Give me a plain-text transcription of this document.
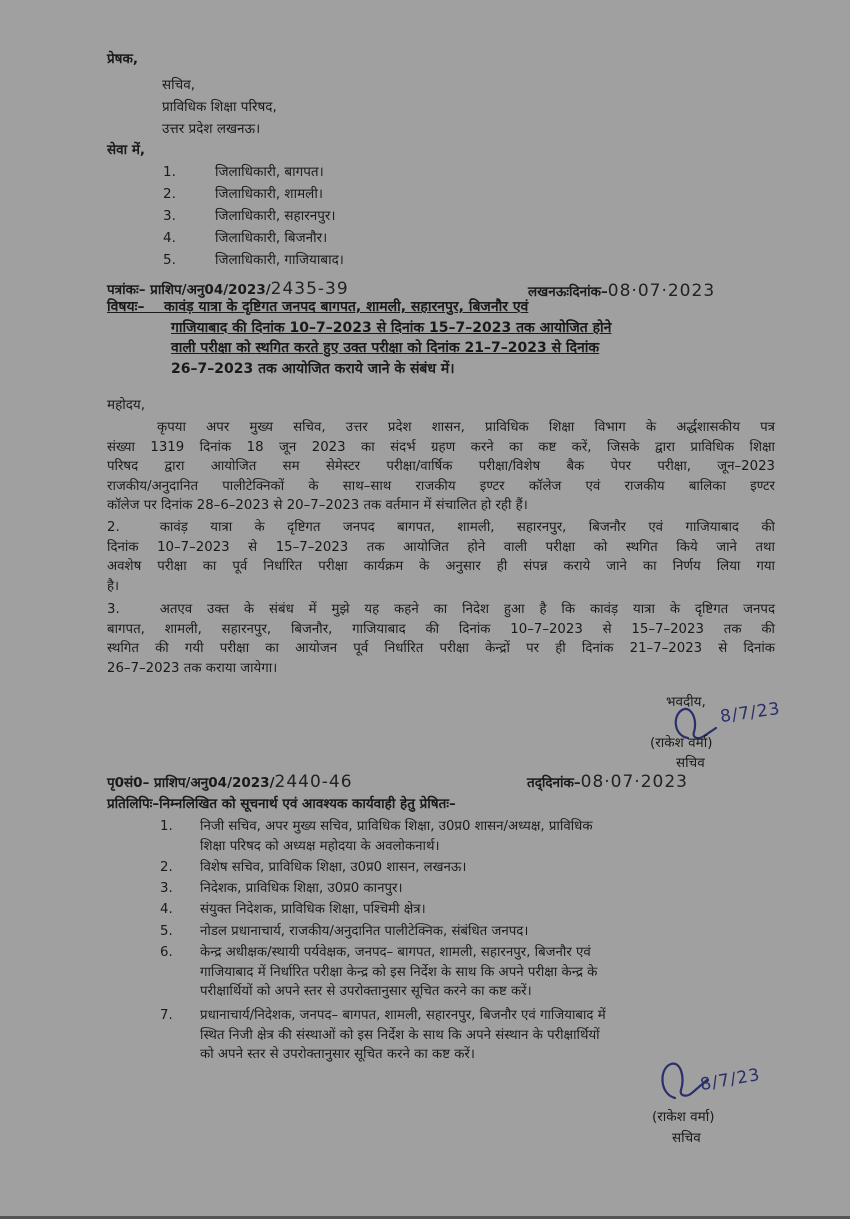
प्रेषक,
सचिव,
प्राविधिक शिक्षा परिषद,
उत्तर प्रदेश लखनऊ।
सेवा में,
1.	जिलाधिकारी, बागपत।
2.	जिलाधिकारी, शामली।
3.	जिलाधिकारी, सहारनपुर।
4.	जिलाधिकारी, बिजनौर।
5.	जिलाधिकारी, गाजियाबाद।
पत्रांकः– प्राशिप/अनु04/2023/2435-39	लखनऊःदिनांक–08·07·2023
विषयः– कावंड़ यात्रा के दृष्टिगत जनपद बागपत, शामली, सहारनपुर, बिजनौर एवं
गाजियाबाद की दिनांक 10–7–2023 से दिनांक 15–7–2023 तक आयोजित होने
वाली परीक्षा को स्थगित करते हुए उक्त परीक्षा को दिनांक 21–7–2023 से दिनांक
26–7–2023 तक आयोजित कराये जाने के संबंध में।
महोदय,
कृपया अपर मुख्य सचिव, उत्तर प्रदेश शासन, प्राविधिक शिक्षा विभाग के अर्द्धशासकीय पत्र
संख्या 1319 दिनांक 18 जून 2023 का संदर्भ ग्रहण करने का कष्ट करें, जिसके द्वारा प्राविधिक शिक्षा
परिषद द्वारा आयोजित सम सेमेस्टर परीक्षा/वार्षिक परीक्षा/विशेष बैक पेपर परीक्षा, जून–2023
राजकीय/अनुदानित पालीटेक्निकों के साथ–साथ राजकीय इण्टर कॉलेज एवं राजकीय बालिका इण्टर
कॉलेज पर दिनांक 28–6–2023 से 20–7–2023 तक वर्तमान में संचालित हो रही हैं।
2.	कावंड़ यात्रा के दृष्टिगत जनपद बागपत, शामली, सहारनपुर, बिजनौर एवं गाजियाबाद की
दिनांक 10–7–2023 से 15–7–2023 तक आयोजित होने वाली परीक्षा को स्थगित किये जाने तथा
अवशेष परीक्षा का पूर्व निर्धारित परीक्षा कार्यक्रम के अनुसार ही संपन्न कराये जाने का निर्णय लिया गया
है।
3.	अतएव उक्त के संबंध में मुझे यह कहने का निदेश हुआ है कि कावंड़ यात्रा के दृष्टिगत जनपद
बागपत, शामली, सहारनपुर, बिजनौर, गाजियाबाद की दिनांक 10–7–2023 से 15–7–2023 तक की
स्थगित की गयी परीक्षा का आयोजन पूर्व निर्धारित परीक्षा केन्द्रों पर ही दिनांक 21–7–2023 से दिनांक
26–7–2023 तक कराया जायेगा।
भवदीय, 8/7/23
(राकेश वर्मा)
सचिव
पृ0सं0– प्राशिप/अनु04/2023/2440-46	तद्‌दिनांक–08·07·2023
प्रतिलिपिः–निम्नलिखित को सूचनार्थ एवं आवश्यक कार्यवाही हेतु प्रेषितः–
1. निजी सचिव, अपर मुख्य सचिव, प्राविधिक शिक्षा, उ0प्र0 शासन/अध्यक्ष, प्राविधिक
शिक्षा परिषद को अध्यक्ष महोदया के अवलोकनार्थ।
2. विशेष सचिव, प्राविधिक शिक्षा, उ0प्र0 शासन, लखनऊ।
3. निदेशक, प्राविधिक शिक्षा, उ0प्र0 कानपुर।
4. संयुक्त निदेशक, प्राविधिक शिक्षा, पश्चिमी क्षेत्र।
5. नोडल प्रधानाचार्य, राजकीय/अनुदानित पालीटेक्निक, संबंधित जनपद।
6. केन्द्र अधीक्षक/स्थायी पर्यवेक्षक, जनपद– बागपत, शामली, सहारनपुर, बिजनौर एवं
गाजियाबाद में निर्धारित परीक्षा केन्द्र को इस निर्देश के साथ कि अपने परीक्षा केन्द्र के
परीक्षार्थियों को अपने स्तर से उपरोक्तानुसार सूचित करने का कष्ट करें।
7. प्रधानाचार्य/निदेशक, जनपद– बागपत, शामली, सहारनपुर, बिजनौर एवं गाजियाबाद में
स्थित निजी क्षेत्र की संस्थाओं को इस निर्देश के साथ कि अपने संस्थान के परीक्षार्थियों
को अपने स्तर से उपरोक्तानुसार सूचित करने का कष्ट करें।
8/7/23
(राकेश वर्मा)
सचिव
